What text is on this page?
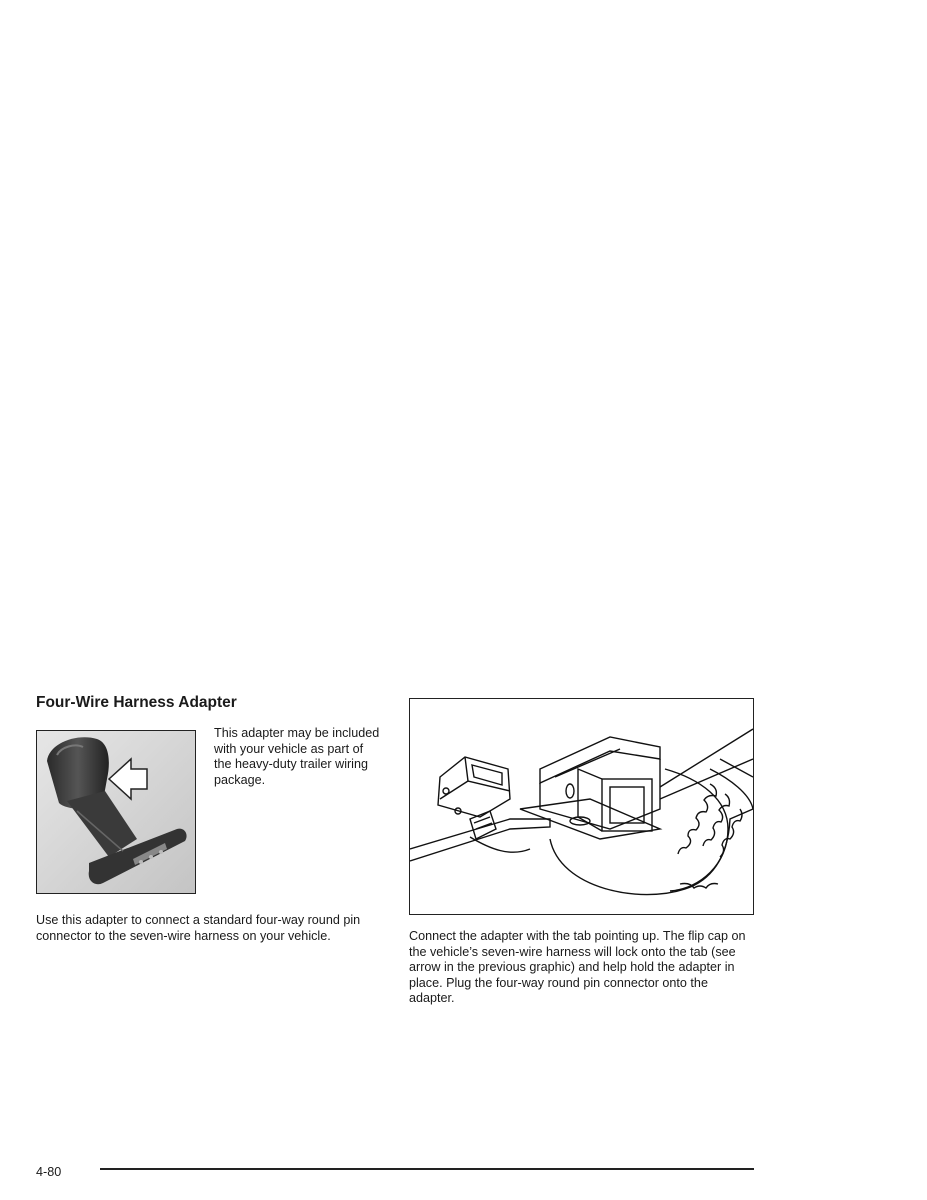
Four-Wire Harness Adapter

This adapter may be included with your vehicle as part of the heavy-duty trailer wiring package.

Use this adapter to connect a standard four-way round pin connector to the seven-wire harness on your vehicle.	Connect the adapter with the tab pointing up. The flip cap on the vehicle’s seven-wire harness will lock onto the tab (see arrow in the previous graphic) and help hold the adapter in place. Plug the four-way round pin connector onto the adapter.

4-80
